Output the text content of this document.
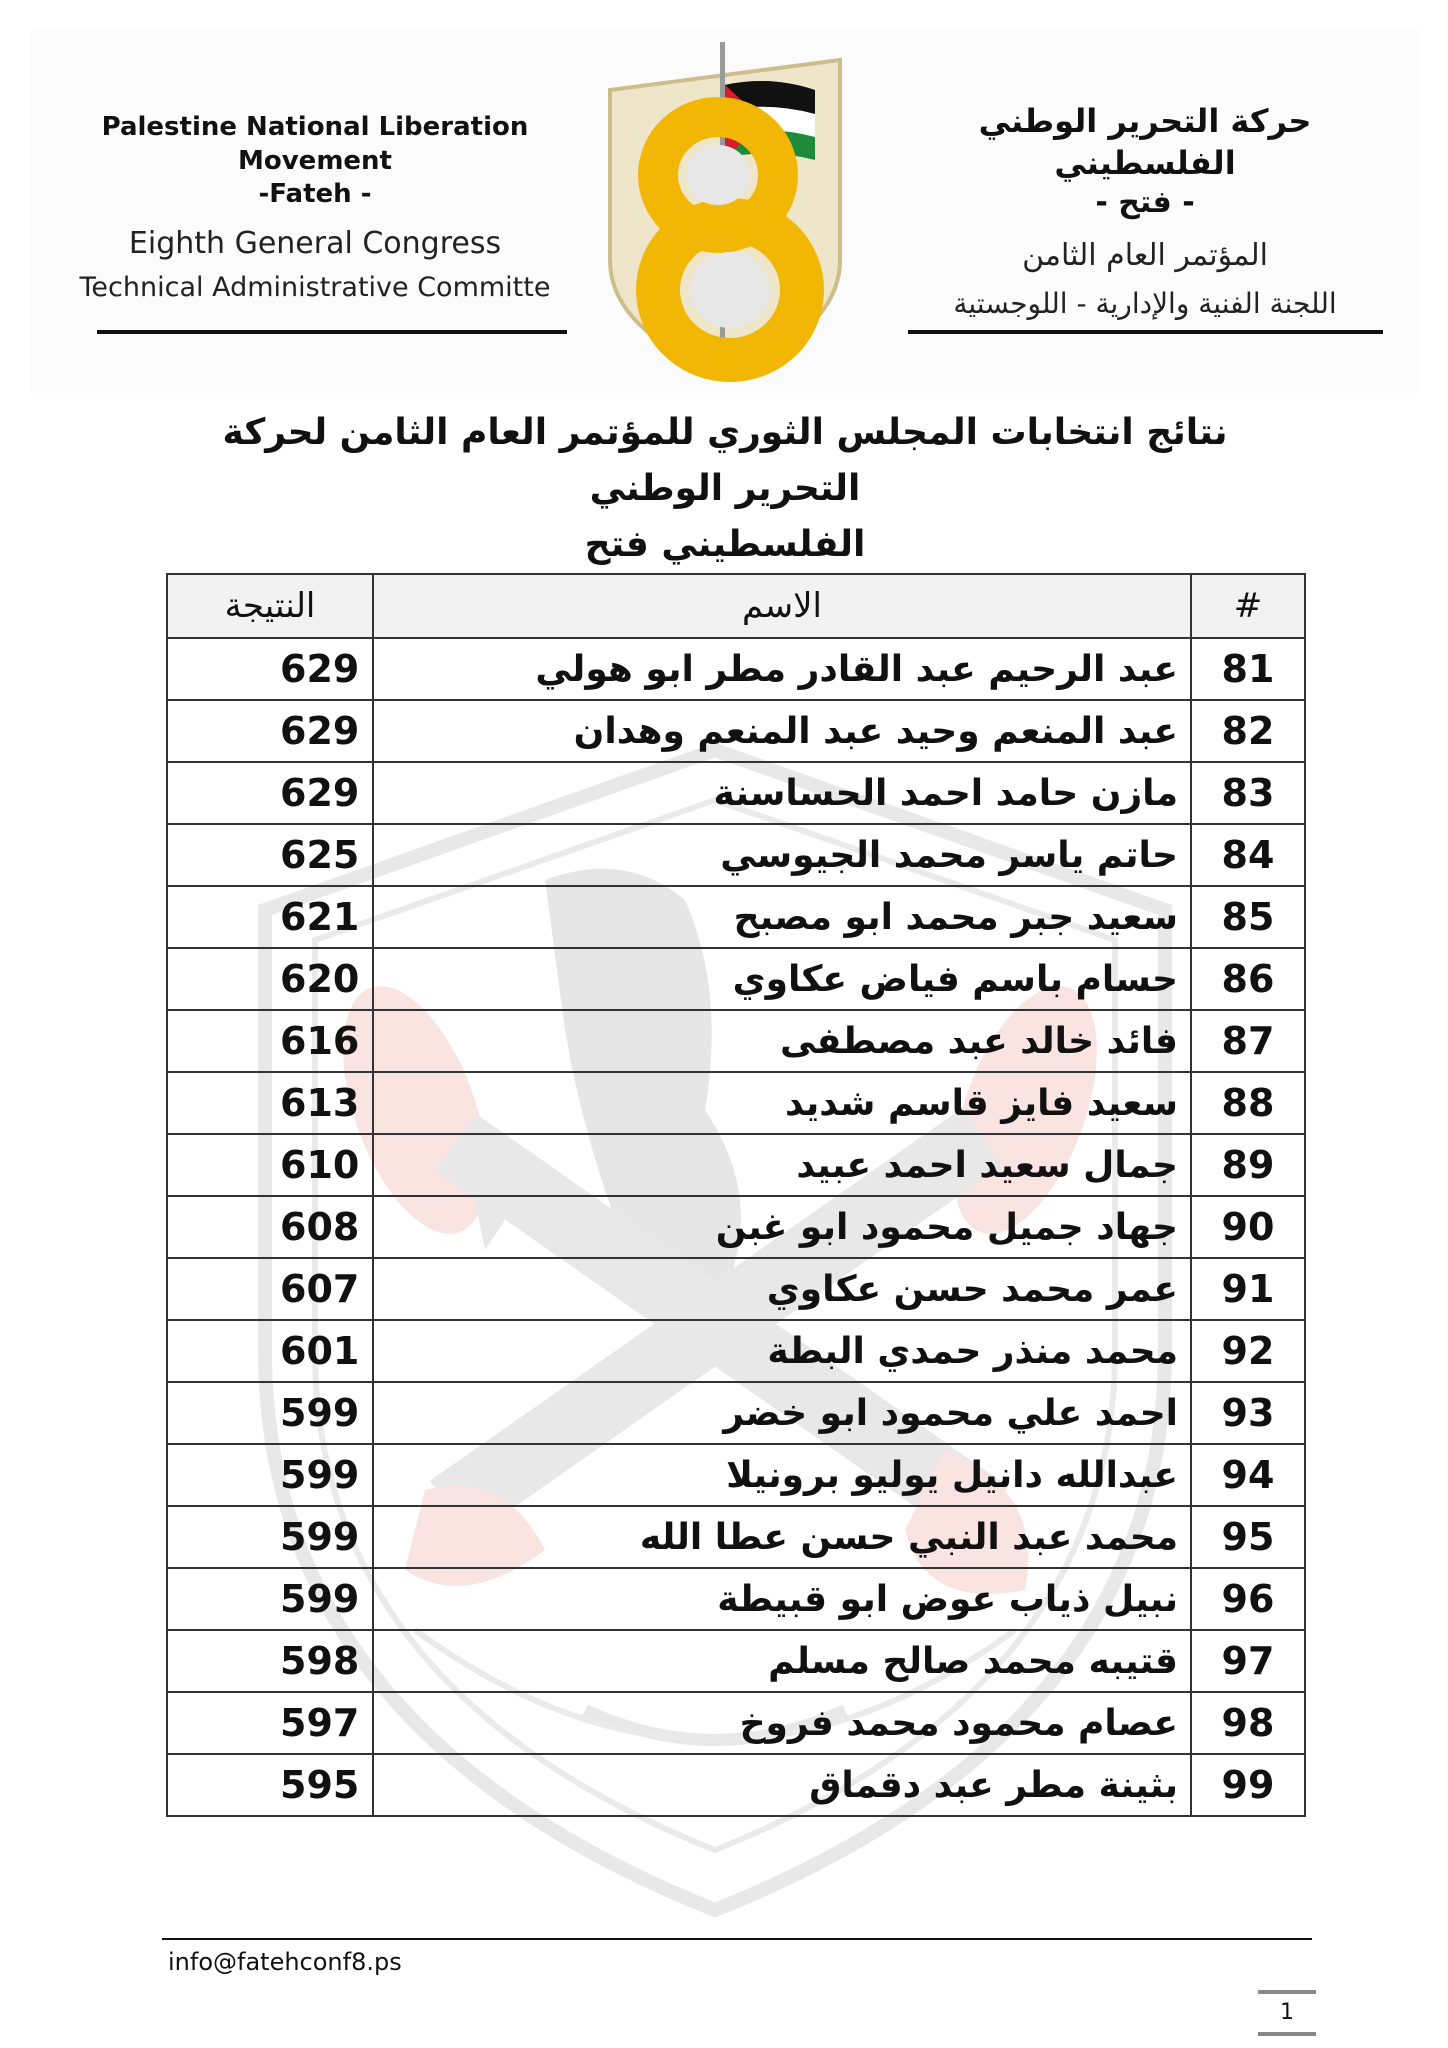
Palestine National Liberation Movement
-Fateh -
Eighth General Congress
Technical Administrative Committe
حركة التحرير الوطني الفلسطيني
- فتح -
المؤتمر العام الثامن
اللجنة الفنية والإدارية - اللوجستية
نتائج انتخابات المجلس الثوري للمؤتمر العام الثامن لحركة التحرير الوطني
الفلسطيني فتح
#	الاسم	النتيجة
81	عبد الرحيم عبد القادر مطر ابو هولي	629
82	عبد المنعم وحيد عبد المنعم وهدان	629
83	مازن حامد احمد الحساسنة	629
84	حاتم ياسر محمد الجيوسي	625
85	سعيد جبر محمد ابو مصبح	621
86	حسام باسم فياض عكاوي	620
87	فائد خالد عبد مصطفى	616
88	سعيد فايز قاسم شديد	613
89	جمال سعيد احمد عبيد	610
90	جهاد جميل محمود ابو غبن	608
91	عمر محمد حسن عكاوي	607
92	محمد منذر حمدي البطة	601
93	احمد علي محمود ابو خضر	599
94	عبدالله دانيل يوليو برونيلا	599
95	محمد عبد النبي حسن عطا الله	599
96	نبيل ذياب عوض ابو قبيطة	599
97	قتيبه محمد صالح مسلم	598
98	عصام محمود محمد فروخ	597
99	بثينة مطر عبد دقماق	595
info@fatehconf8.ps
1
